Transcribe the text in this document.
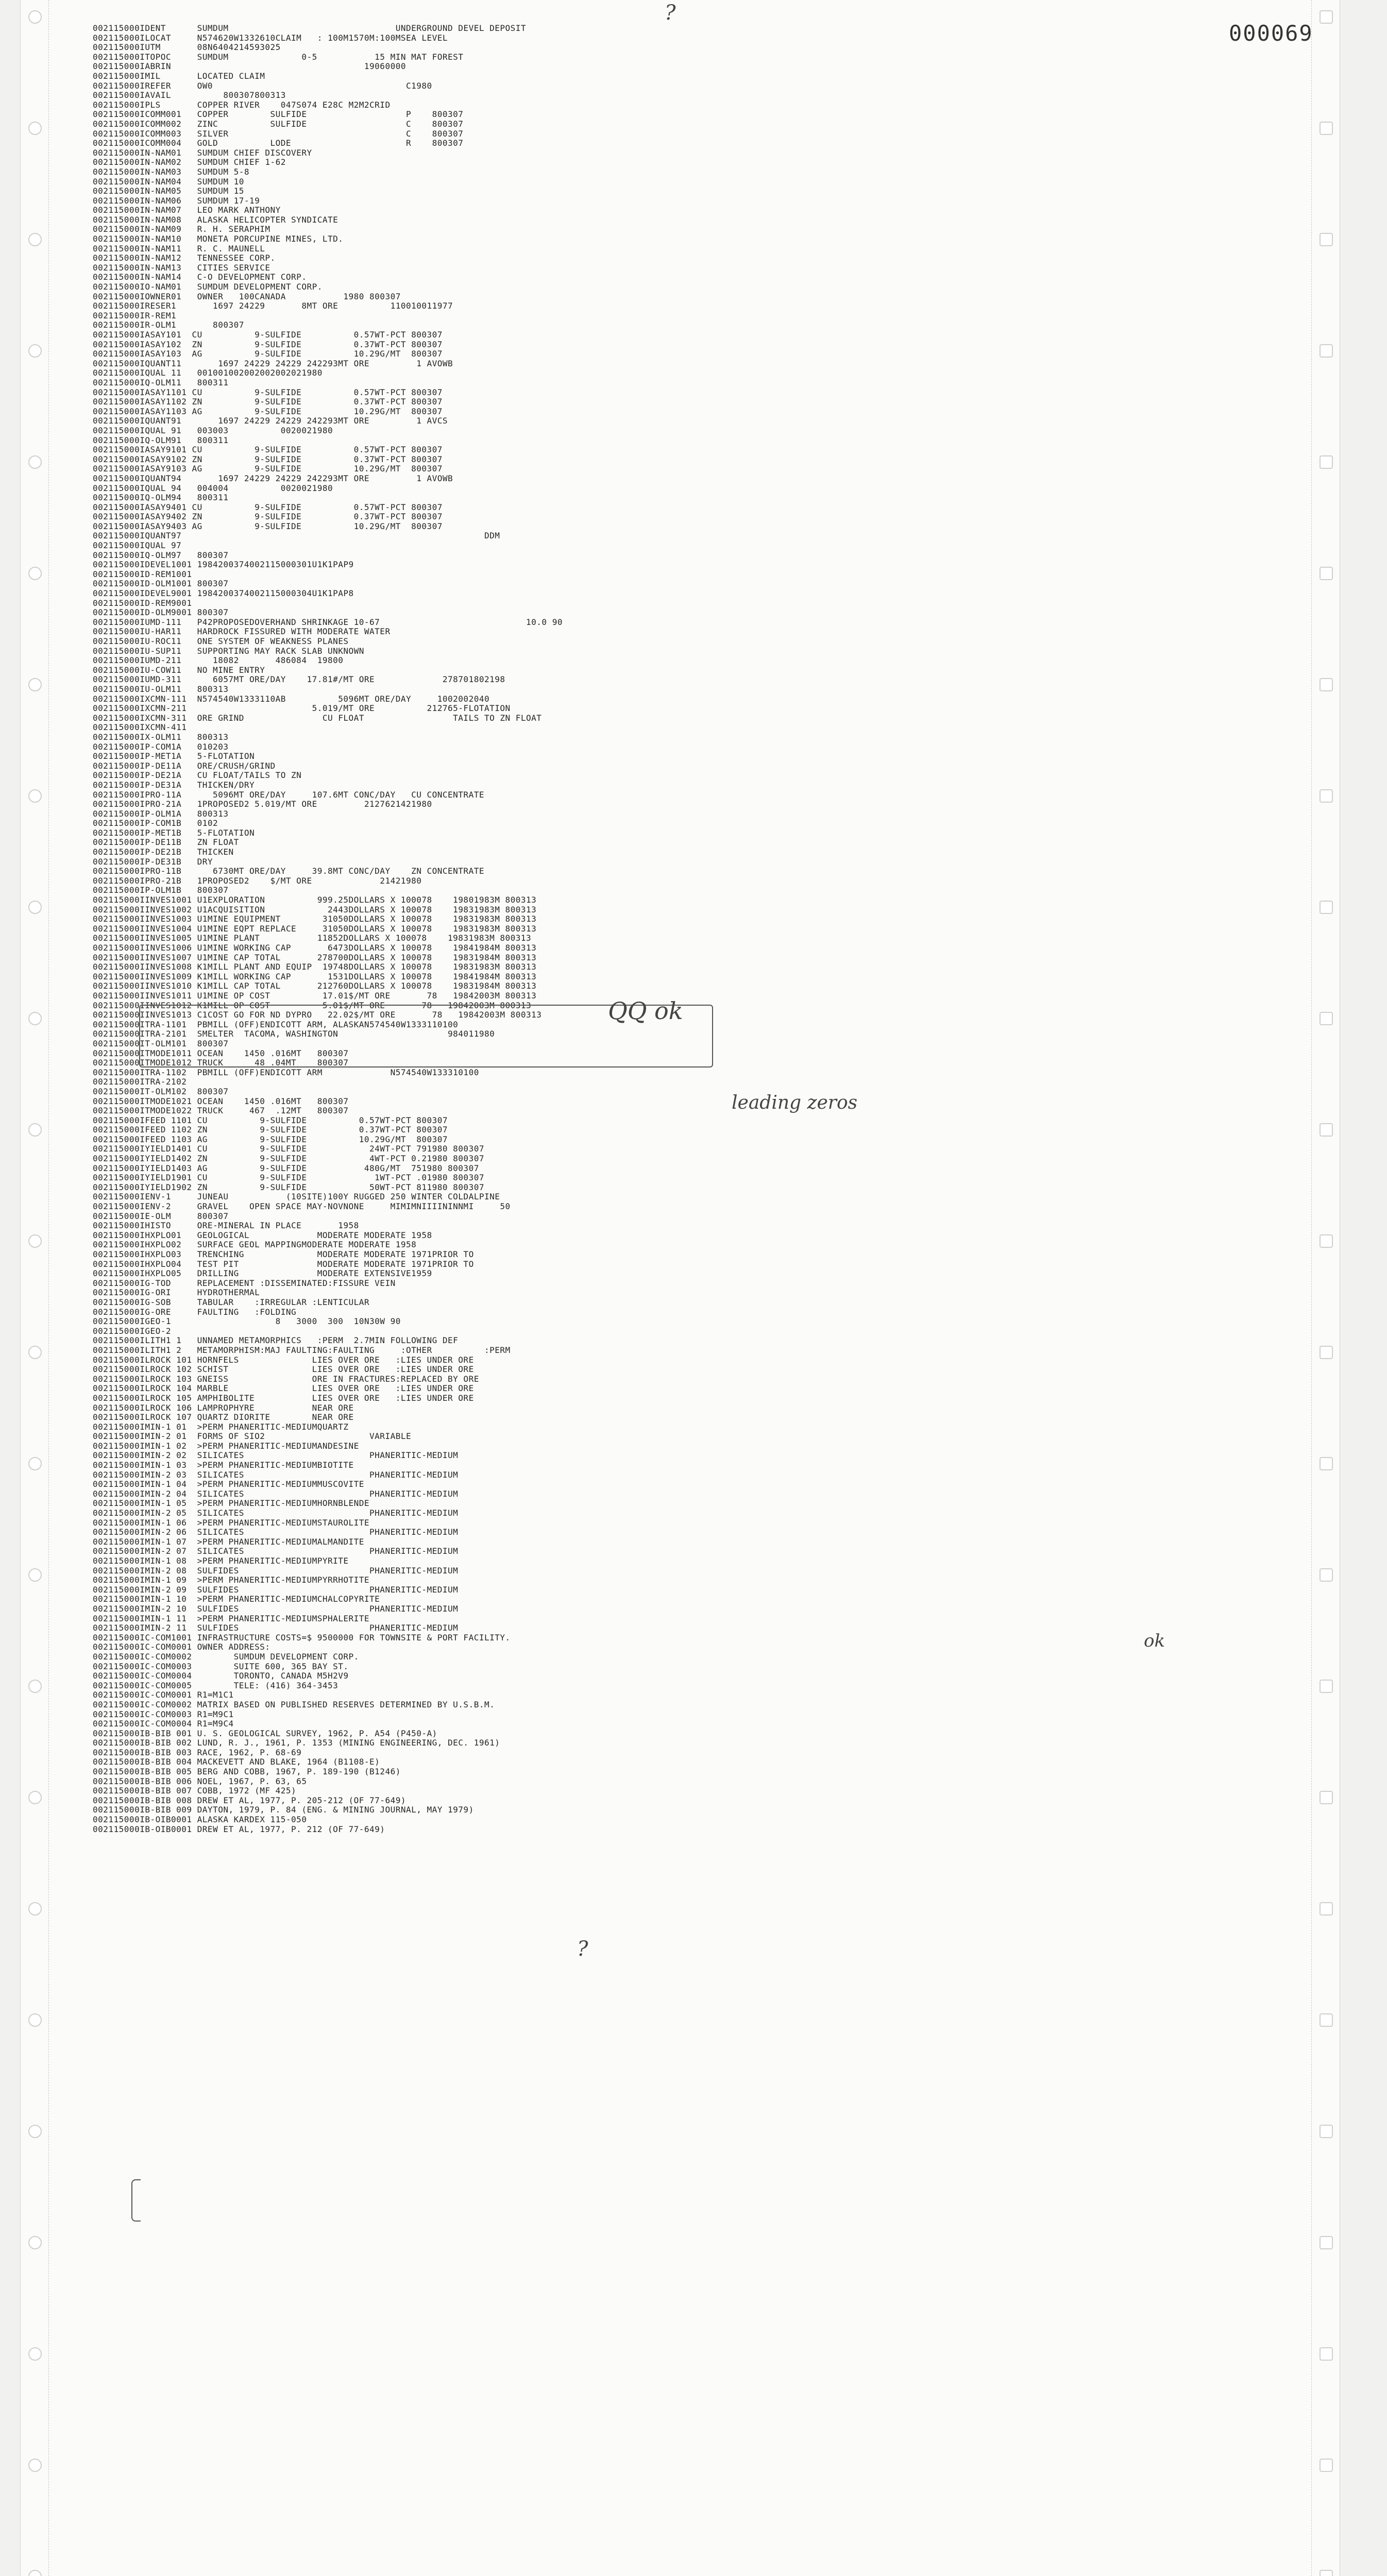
000069
002115000IDENT      SUMDUM                                UNDERGROUND DEVEL DEPOSIT
002115000ILOCAT     N574620W1332610CLAIM   : 100M1570M:100MSEA LEVEL
002115000IUTM       08N6404214593025
002115000ITOPOC     SUMDUM              0-5           15 MIN MAT FOREST
002115000IABRIN                                     19060000
002115000IMIL       LOCATED CLAIM
002115000IREFER     OW0                                     C1980
002115000IAVAIL          800307800313
002115000IPLS       COPPER RIVER    047S074 E28C M2M2CRID
002115000ICOMM001   COPPER        SULFIDE                   P    800307
002115000ICOMM002   ZINC          SULFIDE                   C    800307
002115000ICOMM003   SILVER                                  C    800307
002115000ICOMM004   GOLD          LODE                      R    800307
002115000IN-NAM01   SUMDUM CHIEF DISCOVERY
002115000IN-NAM02   SUMDUM CHIEF 1-62
002115000IN-NAM03   SUMDUM 5-8
002115000IN-NAM04   SUMDUM 10
002115000IN-NAM05   SUMDUM 15
002115000IN-NAM06   SUMDUM 17-19
002115000IN-NAM07   LEO MARK ANTHONY
002115000IN-NAM08   ALASKA HELICOPTER SYNDICATE
002115000IN-NAM09   R. H. SERAPHIM
002115000IN-NAM10   MONETA PORCUPINE MINES, LTD.
002115000IN-NAM11   R. C. MAUNELL
002115000IN-NAM12   TENNESSEE CORP.
002115000IN-NAM13   CITIES SERVICE
002115000IN-NAM14   C-O DEVELOPMENT CORP.
002115000IO-NAM01   SUMDUM DEVELOPMENT CORP.
002115000IOWNER01   OWNER   100CANADA           1980 800307
002115000IRESER1       1697 24229       8MT ORE          110010011977
002115000IR-REM1
002115000IR-OLM1       800307
002115000IASAY101  CU          9-SULFIDE          0.57WT-PCT 800307
002115000IASAY102  ZN          9-SULFIDE          0.37WT-PCT 800307
002115000IASAY103  AG          9-SULFIDE          10.29G/MT  800307
002115000IQUANT11       1697 24229 24229 242293MT ORE         1 AVOWB
002115000IQUAL 11   001001002002002002021980
002115000IQ-OLM11   800311
002115000IASAY1101 CU          9-SULFIDE          0.57WT-PCT 800307
002115000IASAY1102 ZN          9-SULFIDE          0.37WT-PCT 800307
002115000IASAY1103 AG          9-SULFIDE          10.29G/MT  800307
002115000IQUANT91       1697 24229 24229 242293MT ORE         1 AVCS
002115000IQUAL 91   003003          0020021980
002115000IQ-OLM91   800311
002115000IASAY9101 CU          9-SULFIDE          0.57WT-PCT 800307
002115000IASAY9102 ZN          9-SULFIDE          0.37WT-PCT 800307
002115000IASAY9103 AG          9-SULFIDE          10.29G/MT  800307
002115000IQUANT94       1697 24229 24229 242293MT ORE         1 AVOWB
002115000IQUAL 94   004004          0020021980
002115000IQ-OLM94   800311
002115000IASAY9401 CU          9-SULFIDE          0.57WT-PCT 800307
002115000IASAY9402 ZN          9-SULFIDE          0.37WT-PCT 800307
002115000IASAY9403 AG          9-SULFIDE          10.29G/MT  800307
002115000IQUANT97                                                          DDM
002115000IQUAL 97
002115000IQ-OLM97   800307
002115000IDEVEL1001 1984200374002115000301U1K1PAP9
002115000ID-REM1001
002115000ID-OLM1001 800307
002115000IDEVEL9001 1984200374002115000304U1K1PAP8
002115000ID-REM9001
002115000ID-OLM9001 800307
002115000IUMD-111   P42PROPOSEDOVERHAND SHRINKAGE 10-67                            10.0 90
002115000IU-HAR11   HARDROCK FISSURED WITH MODERATE WATER
002115000IU-ROC11   ONE SYSTEM OF WEAKNESS PLANES
002115000IU-SUP11   SUPPORTING MAY RACK SLAB UNKNOWN
002115000IUMD-211      18082       486084  19800
002115000IU-COW11   NO MINE ENTRY
002115000IUMD-311      6057MT ORE/DAY    17.81#/MT ORE             278701802198
002115000IU-OLM11   800313
002115000IXCMN-111  N574540W1333110AB          5096MT ORE/DAY     1002002040
002115000IXCMN-211                        5.019/MT ORE          212765-FLOTATION
002115000IXCMN-311  ORE GRIND               CU FLOAT                 TAILS TO ZN FLOAT
002115000IXCMN-411
002115000IX-OLM11   800313
002115000IP-COM1A   010203
002115000IP-MET1A   5-FLOTATION
002115000IP-DE11A   ORE/CRUSH/GRIND
002115000IP-DE21A   CU FLOAT/TAILS TO ZN
002115000IP-DE31A   THICKEN/DRY
002115000IPRO-11A      5096MT ORE/DAY     107.6MT CONC/DAY   CU CONCENTRATE
002115000IPRO-21A   1PROPOSED2 5.019/MT ORE         2127621421980
002115000IP-OLM1A   800313
002115000IP-COM1B   0102
002115000IP-MET1B   5-FLOTATION
002115000IP-DE11B   ZN FLOAT
002115000IP-DE21B   THICKEN
002115000IP-DE31B   DRY
002115000IPRO-11B      6730MT ORE/DAY     39.8MT CONC/DAY    ZN CONCENTRATE
002115000IPRO-21B   1PROPOSED2    $/MT ORE             21421980
002115000IP-OLM1B   800307
002115000IINVES1001 U1EXPLORATION          999.25DOLLARS X 100078    19801983M 800313
002115000IINVES1002 U1ACQUISITION            2443DOLLARS X 100078    19831983M 800313
002115000IINVES1003 U1MINE EQUIPMENT        31050DOLLARS X 100078    19831983M 800313
002115000IINVES1004 U1MINE EQPT REPLACE     31050DOLLARS X 100078    19831983M 800313
002115000IINVES1005 U1MINE PLANT           11852DOLLARS X 100078    19831983M 800313
002115000IINVES1006 U1MINE WORKING CAP       6473DOLLARS X 100078    19841984M 800313
002115000IINVES1007 U1MINE CAP TOTAL       278700DOLLARS X 100078    19831984M 800313
002115000IINVES1008 K1MILL PLANT AND EQUIP  19748DOLLARS X 100078    19831983M 800313
002115000IINVES1009 K1MILL WORKING CAP       1531DOLLARS X 100078    19841984M 800313
002115000IINVES1010 K1MILL CAP TOTAL       212760DOLLARS X 100078    19831984M 800313
002115000IINVES1011 U1MINE OP COST          17.01$/MT ORE       78   19842003M 800313
002115000IINVES1012 K1MILL OP COST          5.01$/MT ORE       78   19842003M 800313
002115000IINVES1013 C1COST GO FOR ND DYPRO   22.02$/MT ORE       78   19842003M 800313
002115000ITRA-1101  PBMILL (OFF)ENDICOTT ARM, ALASKAN574540W1333110100
002115000ITRA-2101  SMELTER  TACOMA, WASHINGTON                     984011980
002115000IT-OLM101  800307
002115000ITMODE1011 OCEAN    1450 .016MT   800307
002115000ITMODE1012 TRUCK      48 .04MT    800307
002115000ITRA-1102  PBMILL (OFF)ENDICOTT ARM             N574540W133310100
002115000ITRA-2102
002115000IT-OLM102  800307
002115000ITMODE1021 OCEAN    1450 .016MT   800307
002115000ITMODE1022 TRUCK     467  .12MT   800307
002115000IFEED 1101 CU          9-SULFIDE          0.57WT-PCT 800307
002115000IFEED 1102 ZN          9-SULFIDE          0.37WT-PCT 800307
002115000IFEED 1103 AG          9-SULFIDE          10.29G/MT  800307
002115000IYIELD1401 CU          9-SULFIDE            24WT-PCT 791980 800307
002115000IYIELD1402 ZN          9-SULFIDE            4WT-PCT 0.21980 800307
002115000IYIELD1403 AG          9-SULFIDE           480G/MT  751980 800307
002115000IYIELD1901 CU          9-SULFIDE             1WT-PCT .01980 800307
002115000IYIELD1902 ZN          9-SULFIDE            50WT-PCT 811980 800307
002115000IENV-1     JUNEAU           (10SITE)100Y RUGGED 250 WINTER COLDALPINE
002115000IENV-2     GRAVEL    OPEN SPACE MAY-NOVNONE     MIMIMNIIIININNMI     50
002115000IE-OLM     800307
002115000IHISTO     ORE-MINERAL IN PLACE       1958
002115000IHXPLO01   GEOLOGICAL             MODERATE MODERATE 1958
002115000IHXPLO02   SURFACE GEOL MAPPINGMODERATE MODERATE 1958
002115000IHXPLO03   TRENCHING              MODERATE MODERATE 1971PRIOR TO
002115000IHXPLO04   TEST PIT               MODERATE MODERATE 1971PRIOR TO
002115000IHXPLO05   DRILLING               MODERATE EXTENSIVE1959
002115000IG-TOD     REPLACEMENT :DISSEMINATED:FISSURE VEIN
002115000IG-ORI     HYDROTHERMAL
002115000IG-SOB     TABULAR    :IRREGULAR :LENTICULAR
002115000IG-ORE     FAULTING   :FOLDING
002115000IGEO-1                    8   3000  300  10N30W 90
002115000IGEO-2
002115000ILITH1 1   UNNAMED METAMORPHICS   :PERM  2.7MIN FOLLOWING DEF
002115000ILITH1 2   METAMORPHISM:MAJ FAULTING:FAULTING     :OTHER          :PERM
002115000ILROCK 101 HORNFELS              LIES OVER ORE   :LIES UNDER ORE
002115000ILROCK 102 SCHIST                LIES OVER ORE   :LIES UNDER ORE
002115000ILROCK 103 GNEISS                ORE IN FRACTURES:REPLACED BY ORE
002115000ILROCK 104 MARBLE                LIES OVER ORE   :LIES UNDER ORE
002115000ILROCK 105 AMPHIBOLITE           LIES OVER ORE   :LIES UNDER ORE
002115000ILROCK 106 LAMPROPHYRE           NEAR ORE
002115000ILROCK 107 QUARTZ DIORITE        NEAR ORE
002115000IMIN-1 01  >PERM PHANERITIC-MEDIUMQUARTZ
002115000IMIN-2 01  FORMS OF SIO2                    VARIABLE
002115000IMIN-1 02  >PERM PHANERITIC-MEDIUMANDESINE
002115000IMIN-2 02  SILICATES                        PHANERITIC-MEDIUM
002115000IMIN-1 03  >PERM PHANERITIC-MEDIUMBIOTITE
002115000IMIN-2 03  SILICATES                        PHANERITIC-MEDIUM
002115000IMIN-1 04  >PERM PHANERITIC-MEDIUMMUSCOVITE
002115000IMIN-2 04  SILICATES                        PHANERITIC-MEDIUM
002115000IMIN-1 05  >PERM PHANERITIC-MEDIUMHORNBLENDE
002115000IMIN-2 05  SILICATES                        PHANERITIC-MEDIUM
002115000IMIN-1 06  >PERM PHANERITIC-MEDIUMSTAUROLITE
002115000IMIN-2 06  SILICATES                        PHANERITIC-MEDIUM
002115000IMIN-1 07  >PERM PHANERITIC-MEDIUMALMANDITE
002115000IMIN-2 07  SILICATES                        PHANERITIC-MEDIUM
002115000IMIN-1 08  >PERM PHANERITIC-MEDIUMPYRITE
002115000IMIN-2 08  SULFIDES                         PHANERITIC-MEDIUM
002115000IMIN-1 09  >PERM PHANERITIC-MEDIUMPYRRHOTITE
002115000IMIN-2 09  SULFIDES                         PHANERITIC-MEDIUM
002115000IMIN-1 10  >PERM PHANERITIC-MEDIUMCHALCOPYRITE
002115000IMIN-2 10  SULFIDES                         PHANERITIC-MEDIUM
002115000IMIN-1 11  >PERM PHANERITIC-MEDIUMSPHALERITE
002115000IMIN-2 11  SULFIDES                         PHANERITIC-MEDIUM
002115000IC-COM1001 INFRASTRUCTURE COSTS=$ 9500000 FOR TOWNSITE & PORT FACILITY.
002115000IC-COM0001 OWNER ADDRESS:
002115000IC-COM0002        SUMDUM DEVELOPMENT CORP.
002115000IC-COM0003        SUITE 600, 365 BAY ST.
002115000IC-COM0004        TORONTO, CANADA M5H2V9
002115000IC-COM0005        TELE: (416) 364-3453
002115000IC-COM0001 R1=M1C1
002115000IC-COM0002 MATRIX BASED ON PUBLISHED RESERVES DETERMINED BY U.S.B.M.
002115000IC-COM0003 R1=M9C1
002115000IC-COM0004 R1=M9C4
002115000IB-BIB 001 U. S. GEOLOGICAL SURVEY, 1962, P. A54 (P450-A)
002115000IB-BIB 002 LUND, R. J., 1961, P. 1353 (MINING ENGINEERING, DEC. 1961)
002115000IB-BIB 003 RACE, 1962, P. 68-69
002115000IB-BIB 004 MACKEVETT AND BLAKE, 1964 (B1108-E)
002115000IB-BIB 005 BERG AND COBB, 1967, P. 189-190 (B1246)
002115000IB-BIB 006 NOEL, 1967, P. 63, 65
002115000IB-BIB 007 COBB, 1972 (MF 425)
002115000IB-BIB 008 DREW ET AL, 1977, P. 205-212 (OF 77-649)
002115000IB-BIB 009 DAYTON, 1979, P. 84 (ENG. & MINING JOURNAL, MAY 1979)
002115000IB-OIB0001 ALASKA KARDEX 115-050
002115000IB-OIB0001 DREW ET AL, 1977, P. 212 (OF 77-649)
?
QQ ok
leading zeros
ok
?
